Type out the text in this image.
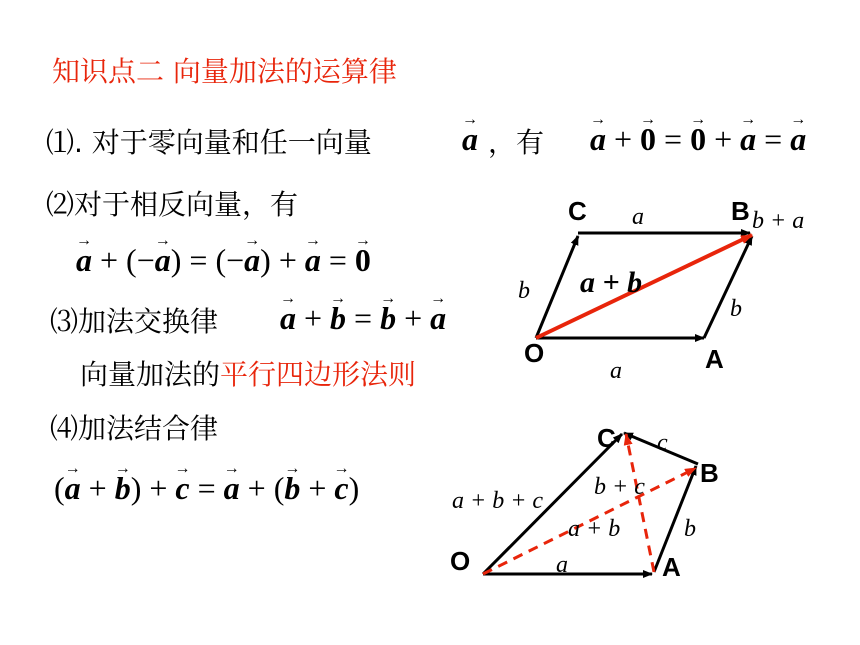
知识点二 向量加法的运算律
⑴. 对于零向量和任一向量	→ a ，有 → a + → 0 = → 0 + → a = → a
⑵对于相反向量，有
→ a + (−→ a) = (−→ a) + → a = → 0
⑶加法交换律 → a + → b = → b + → a
向量加法的平行四边形法则
⑷加法结合律
(→ a + → b) + → c = → a + (→ b + → c)
C	B
O	A
a	b + a
b
b
a
a + b
C
B
O	A
c
b + c
a + b + c
a + b	b
a
